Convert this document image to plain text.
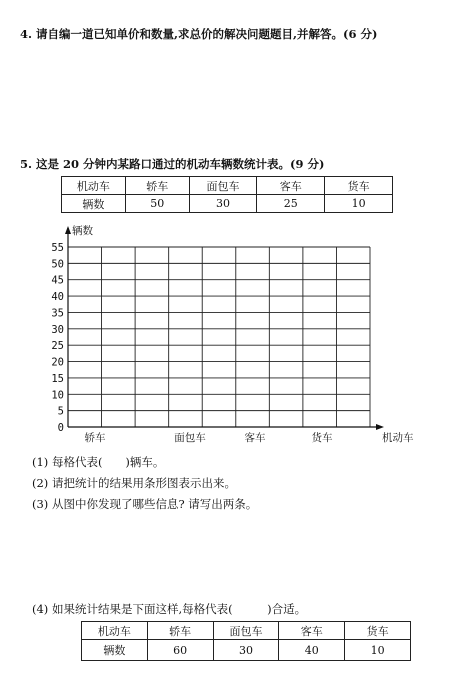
4. 请自编一道已知单价和数量,求总价的解决问题题目,并解答。(6 分)
5. 这是 20 分钟内某路口通过的机动车辆数统计表。(9 分)
机动车	轿车	面包车	客车	货车
辆数	50	30	25	10
55
50
45
40
35
30
25
20
15
10
5
0
辆数
轿车	面包车	客车	货车	机动车
(1) 每格代表(　　)辆车。
(2) 请把统计的结果用条形图表示出来。
(3) 从图中你发现了哪些信息? 请写出两条。
(4) 如果统计结果是下面这样,每格代表(　　　)合适。
机动车	轿车	面包车	客车	货车
辆数	60	30	40	10
